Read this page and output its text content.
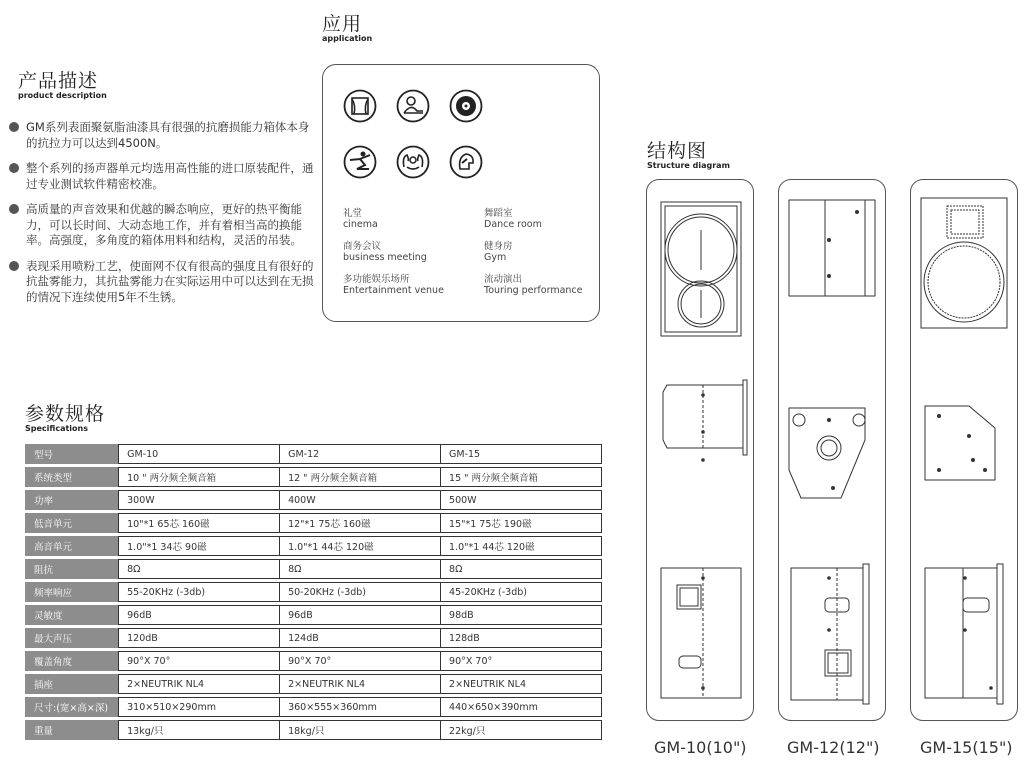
应用
application
产品描述
product description
GM系列表面聚氨脂油漆具有很强的抗磨损能力箱体本身的抗拉力可以达到4500N。
整个系列的扬声器单元均选用高性能的进口原装配件，通过专业测试软件精密校准。
高质量的声音效果和优越的瞬态响应，更好的热平衡能力，可以长时间、大动态地工作，并有着相当高的换能率。高强度，多角度的箱体用料和结构，灵活的吊装。
表现采用喷粉工艺，使面网不仅有很高的强度且有很好的抗盐雾能力，其抗盐雾能力在实际运用中可以达到在无损的情况下连续使用5年不生锈。
礼堂
cinema
舞蹈室
Dance room
商务会议
business meeting
健身房
Gym
多功能娱乐场所
Entertainment venue
流动演出
Touring performance
参数规格
Specifications
型号	GM-10	GM-12	GM-15
系统类型	10 " 两分频全频音箱	12 " 两分频全频音箱	15 " 两分频全频音箱
功率	300W	400W	500W
低音单元	10"*1 65芯 160磁	12"*1 75芯 160磁	15"*1 75芯 190磁
高音单元	1.0"*1 34芯 90磁	1.0"*1 44芯 120磁	1.0"*1 44芯 120磁
阻抗	8Ω	8Ω	8Ω
频率响应	55-20KHz (-3db)	50-20KHz (-3db)	45-20KHz (-3db)
灵敏度	96dB	96dB	98dB
最大声压	120dB	124dB	128dB
覆盖角度	90°X 70°	90°X 70°	90°X 70°
插座	2×NEUTRIK NL4	2×NEUTRIK NL4	2×NEUTRIK NL4
尺寸:(宽×高×深)	310×510×290mm	360×555×360mm	440×650×390mm
重量	13kg/只	18kg/只	22kg/只
结构图
Structure diagram
GM-10(10")	GM-12(12")	GM-15(15")
